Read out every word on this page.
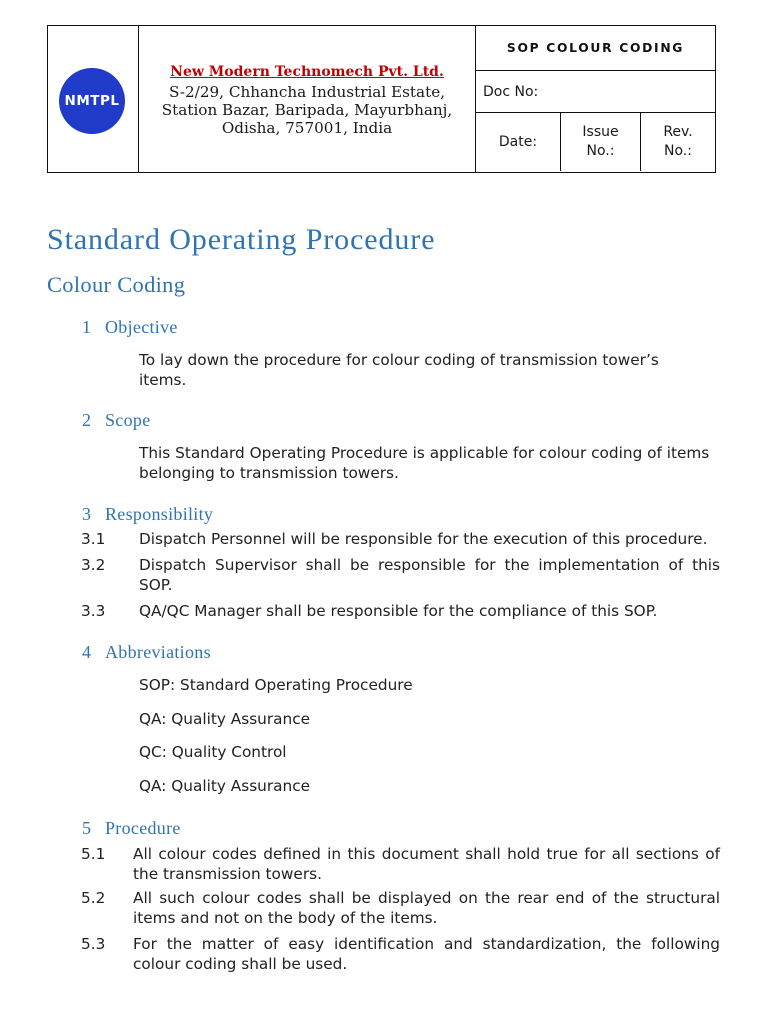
NMTPL
New Modern Technomech Pvt. Ltd.
S-2/29, Chhancha Industrial Estate,
Station Bazar, Baripada, Mayurbhanj,
Odisha, 757001, India
SOP COLOUR CODING
Doc No:
Date:
Issue No.:
Rev. No.:
Standard Operating Procedure
Colour Coding
1 Objective
To lay down the procedure for colour coding of transmission tower’s
items.
2 Scope
This Standard Operating Procedure is applicable for colour coding of items
belonging to transmission towers.
3 Responsibility
3.1 Dispatch Personnel will be responsible for the execution of this procedure.
3.2 Dispatch Supervisor shall be responsible for the implementation of this
SOP.
3.3 QA/QC Manager shall be responsible for the compliance of this SOP.
4 Abbreviations
SOP: Standard Operating Procedure
QA: Quality Assurance
QC: Quality Control
QA: Quality Assurance
5 Procedure
5.1 All colour codes defined in this document shall hold true for all sections of
the transmission towers.
5.2 All such colour codes shall be displayed on the rear end of the structural
items and not on the body of the items.
5.3 For the matter of easy identification and standardization, the following
colour coding shall be used.
